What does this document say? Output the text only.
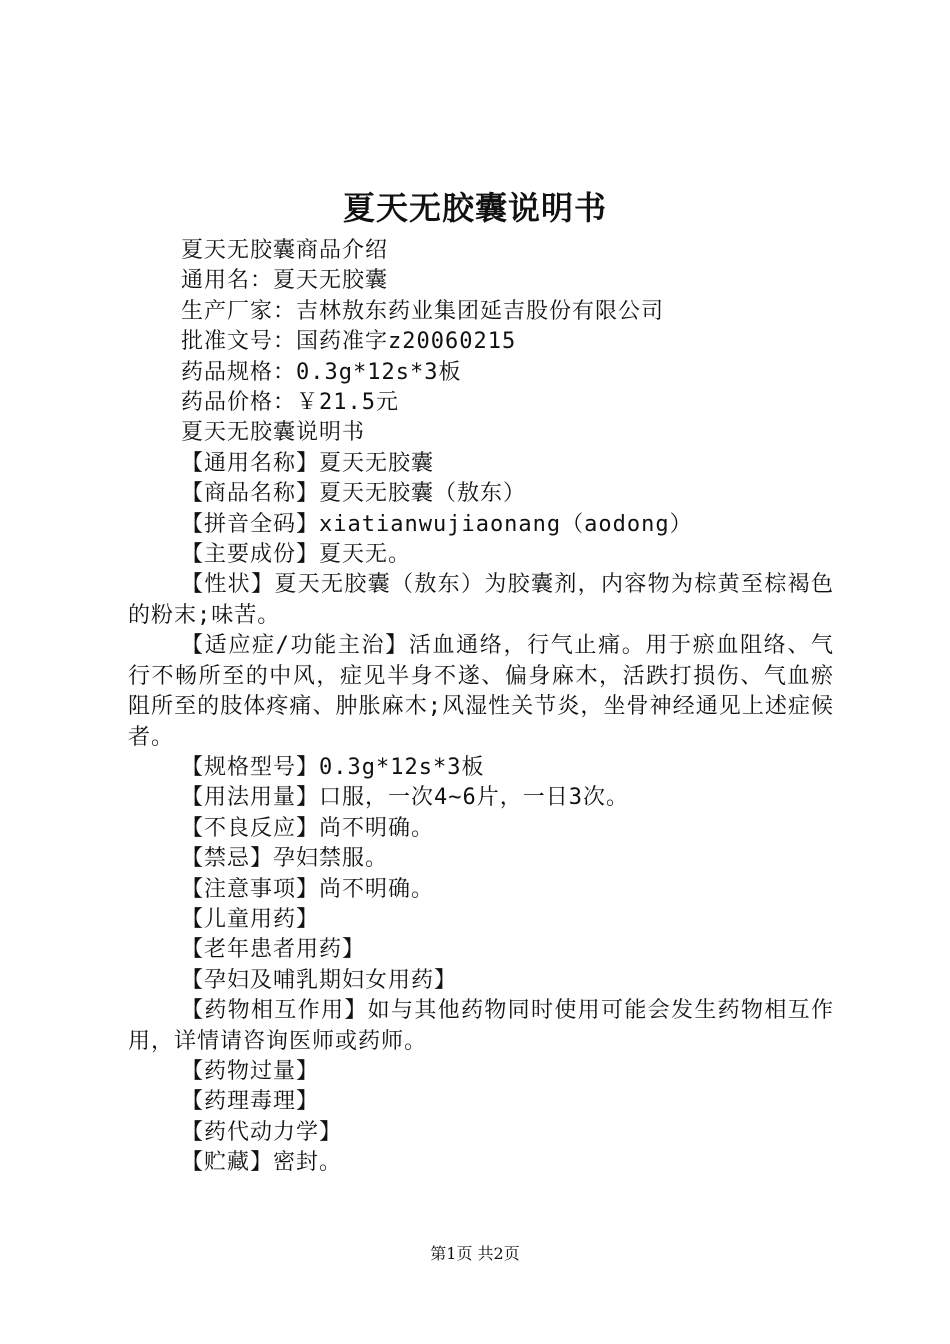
夏天无胶囊说明书

夏天无胶囊商品介绍

通用名：夏天无胶囊

生产厂家：吉林敖东药业集团延吉股份有限公司

批准文号：国药准字z20060215

药品规格：0.3g*12s*3板

药品价格：￥21.5元

夏天无胶囊说明书

【通用名称】夏天无胶囊

【商品名称】夏天无胶囊（敖东）

【拼音全码】xiatianwujiaonang（aodong）

【主要成份】夏天无。

【性状】夏天无胶囊（敖东）为胶囊剂，内容物为棕黄至棕褐色的粉末;味苦。

【适应症/功能主治】活血通络，行气止痛。用于瘀血阻络、气行不畅所至的中风，症见半身不遂、偏身麻木，活跌打损伤、气血瘀阻所至的肢体疼痛、肿胀麻木;风湿性关节炎，坐骨神经通见上述症候者。

【规格型号】0.3g*12s*3板

【用法用量】口服，一次4~6片，一日3次。

【不良反应】尚不明确。

【禁忌】孕妇禁服。

【注意事项】尚不明确。

【儿童用药】

【老年患者用药】

【孕妇及哺乳期妇女用药】

【药物相互作用】如与其他药物同时使用可能会发生药物相互作用，详情请咨询医师或药师。

【药物过量】

【药理毒理】

【药代动力学】

【贮藏】密封。

第1页 共2页
